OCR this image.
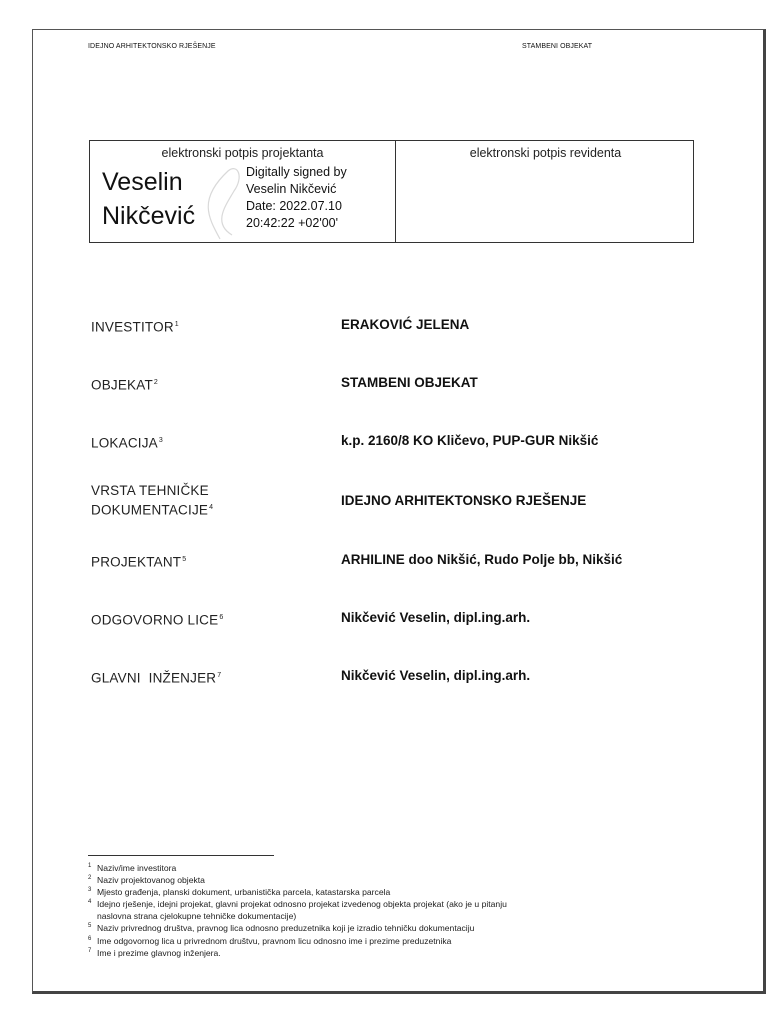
IDEJNO ARHITEKTONSKO RJEŠENJE	STAMBENI OBJEKAT
elektronski potpis projektanta	elektronski potpis revidenta
Veselin
Nikčević
Digitally signed by
Veselin Nikčević
Date: 2022.07.10
20:42:22 +02'00'
INVESTITOR$^1$	ERAKOVIĆ JELENA
OBJEKAT$^2$	STAMBENI OBJEKAT
LOKACIJA$^3$	k.p. 2160/8 KO Kličevo, PUP-GUR Nikšić
VRSTA TEHNIČKE
DOKUMENTACIJE$^4$	IDEJNO ARHITEKTONSKO RJEŠENJE
PROJEKTANT$^5$	ARHILINE doo Nikšić, Rudo Polje bb, Nikšić
ODGOVORNO LICE$^6$	Nikčević Veselin, dipl.ing.arh.
GLAVNI  INŽENJER$^7$	Nikčević Veselin, dipl.ing.arh.
1 Naziv/ime investitora
2 Naziv projektovanog objekta
3 Mjesto građenja, planski dokument, urbanistička parcela, katastarska parcela
4 Idejno rješenje, idejni projekat, glavni projekat odnosno projekat izvedenog objekta projekat (ako je u pitanju
naslovna strana cjelokupne tehničke dokumentacije)
5 Naziv privrednog društva, pravnog lica odnosno preduzetnika koji je izradio tehničku dokumentaciju
6 Ime odgovornog lica u privrednom društvu, pravnom licu odnosno ime i prezime preduzetnika
7 Ime i prezime glavnog inženjera.
